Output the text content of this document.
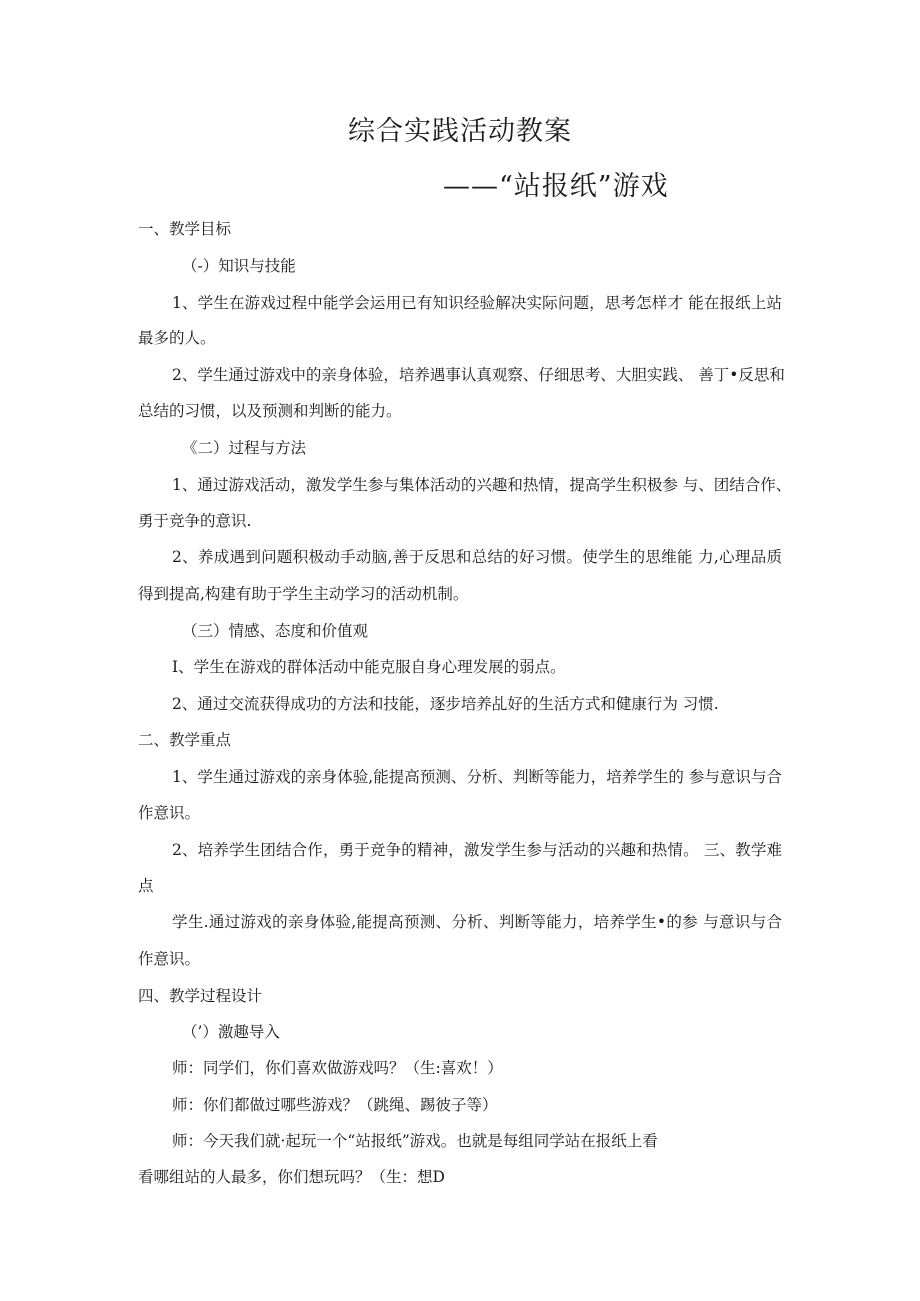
综合实践活动教案
——“站报纸”游戏
一、教学目标
（-）知识与技能
1、学生在游戏过程中能学会运用已有知识经验解决实际问题，思考怎样才 能在报纸上站
最多的人。
2、学生通过游戏中的亲身体验，培养遇事认真观察、仔细思考、大胆实践、 善丁•反思和
总结的习惯，以及预测和判断的能力。
《二）过程与方法
1、通过游戏活动，激发学生参与集体活动的兴趣和热情，提高学生积极参 与、团结合作、
勇于竞争的意识.
2、养成遇到问题积极动手动脑,善于反思和总结的好习惯。使学生的思维能 力,心理品质
得到提高,构建有助于学生主动学习的活动机制。
（三）情感、态度和价值观
I、学生在游戏的群体活动中能克服自身心理发展的弱点。
2、通过交流获得成功的方法和技能，逐步培养乩好的生活方式和健康行为 习惯.
二、教学重点
1、学生通过游戏的亲身体验,能提高预测、分析、判断等能力，培养学生的 参与意识与合
作意识。
2、培养学生团结合作，勇于竞争的精神，激发学生参与活动的兴趣和热情。 三、教学难
点
学生.通过游戏的亲身体验,能提高预测、分析、判断等能力，培养学生•的参 与意识与合
作意识。
四、教学过程设计
（’）激趣导入
师：同学们，你们喜欢做游戏吗？（生:喜欢！）
师：你们都做过哪些游戏？（跳绳、踢彼子等）
师：今天我们就·起玩一个“站报纸”游戏。也就是每组同学站在报纸上看
看哪组站的人最多，你们想玩吗？（生：想D
